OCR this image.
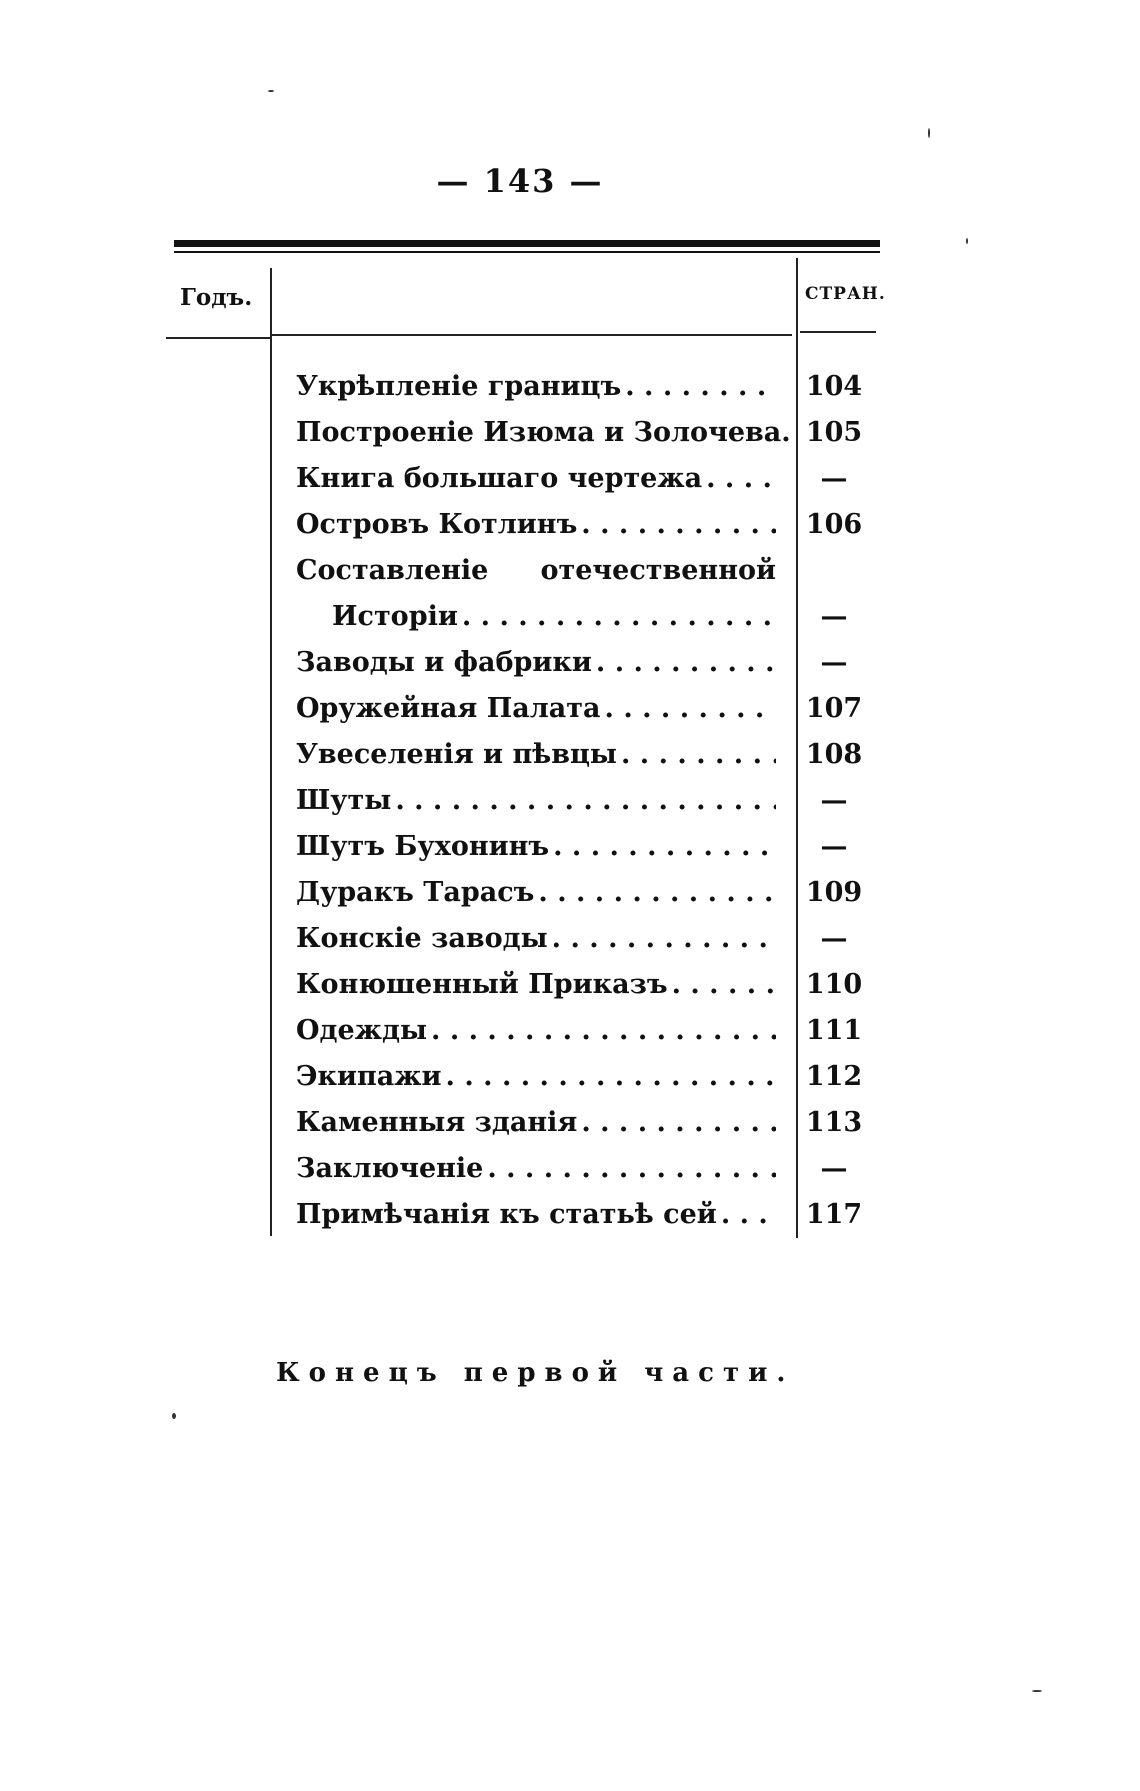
— 143 —
Годъ.	СТРАН.
Укрѣпленіе границъ
. . .
Построеніе Изюма и Золочева.
Книга большаго чертежа
. . .
Островъ Котлинъ
. . .
Составленіе отечественной
Исторіи
. . .
Заводы и фабрики
. . .
Оружейная Палата
. . .
Увеселенія и пѣвцы
. . .
Шуты
. . .
Шутъ Бухонинъ
. . .
Дуракъ Тарасъ
. . .
Конскіе заводы
. . .
Конюшенный Приказъ
. . .
Одежды
. . .
Экипажи
. . .
Каменныя зданія
. . .
Заключеніе
. . .
Примѣчанія къ статьѣ сей
. . .
104
105
—
106
—
—
107
108
—
—
109
—
110
111
112
113
—
117
Конецъ первой части.
